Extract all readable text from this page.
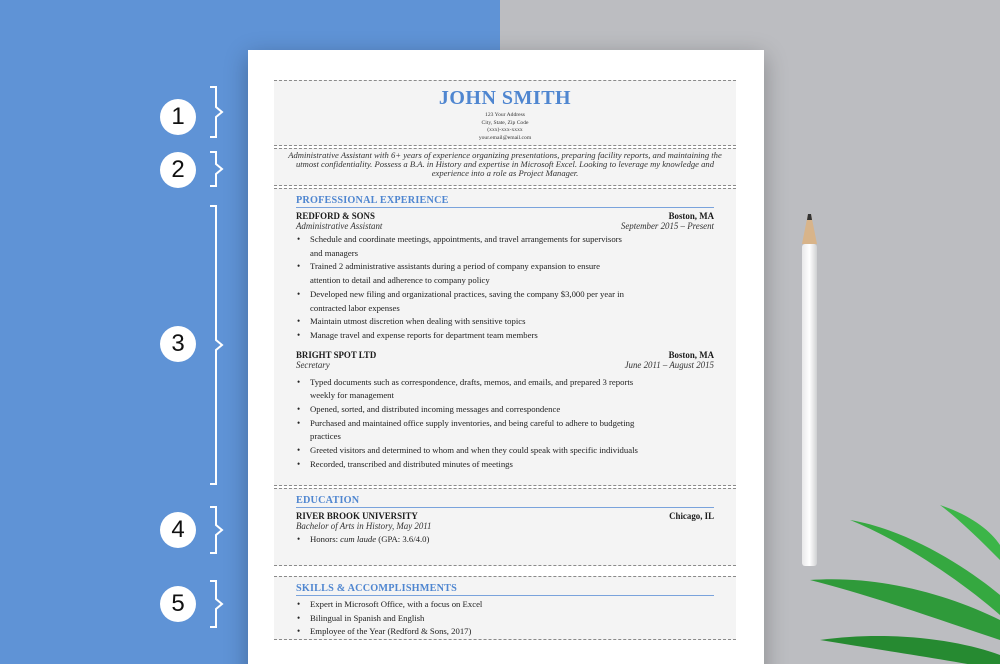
1
2
3
4
5
JOHN SMITH
123 Your Address
City, State, Zip Code
(xxx)-xxx-xxxx
your.email@email.com
Administrative Assistant with 6+ years of experience organizing presentations, preparing facility reports, and maintaining the utmost confidentiality. Possess a B.A. in History and expertise in Microsoft Excel. Looking to leverage my knowledge and experience into a role as Project Manager.
PROFESSIONAL EXPERIENCE
REDFORD & SONS	Boston, MA
Administrative Assistant	September 2015 – Present
• Schedule and coordinate meetings, appointments, and travel arrangements for supervisors
and managers
• Trained 2 administrative assistants during a period of company expansion to ensure
attention to detail and adherence to company policy
• Developed new filing and organizational practices, saving the company $3,000 per year in
contracted labor expenses
• Maintain utmost discretion when dealing with sensitive topics
• Manage travel and expense reports for department team members
BRIGHT SPOT LTD	Boston, MA
Secretary	June 2011 – August 2015
• Typed documents such as correspondence, drafts, memos, and emails, and prepared 3 reports
weekly for management
• Opened, sorted, and distributed incoming messages and correspondence
• Purchased and maintained office supply inventories, and being careful to adhere to budgeting
practices
• Greeted visitors and determined to whom and when they could speak with specific individuals
• Recorded, transcribed and distributed minutes of meetings
EDUCATION
RIVER BROOK UNIVERSITY	Chicago, IL
Bachelor of Arts in History, May 2011
• Honors: cum laude (GPA: 3.6/4.0)
SKILLS & ACCOMPLISHMENTS
• Expert in Microsoft Office, with a focus on Excel
• Bilingual in Spanish and English
• Employee of the Year (Redford & Sons, 2017)
